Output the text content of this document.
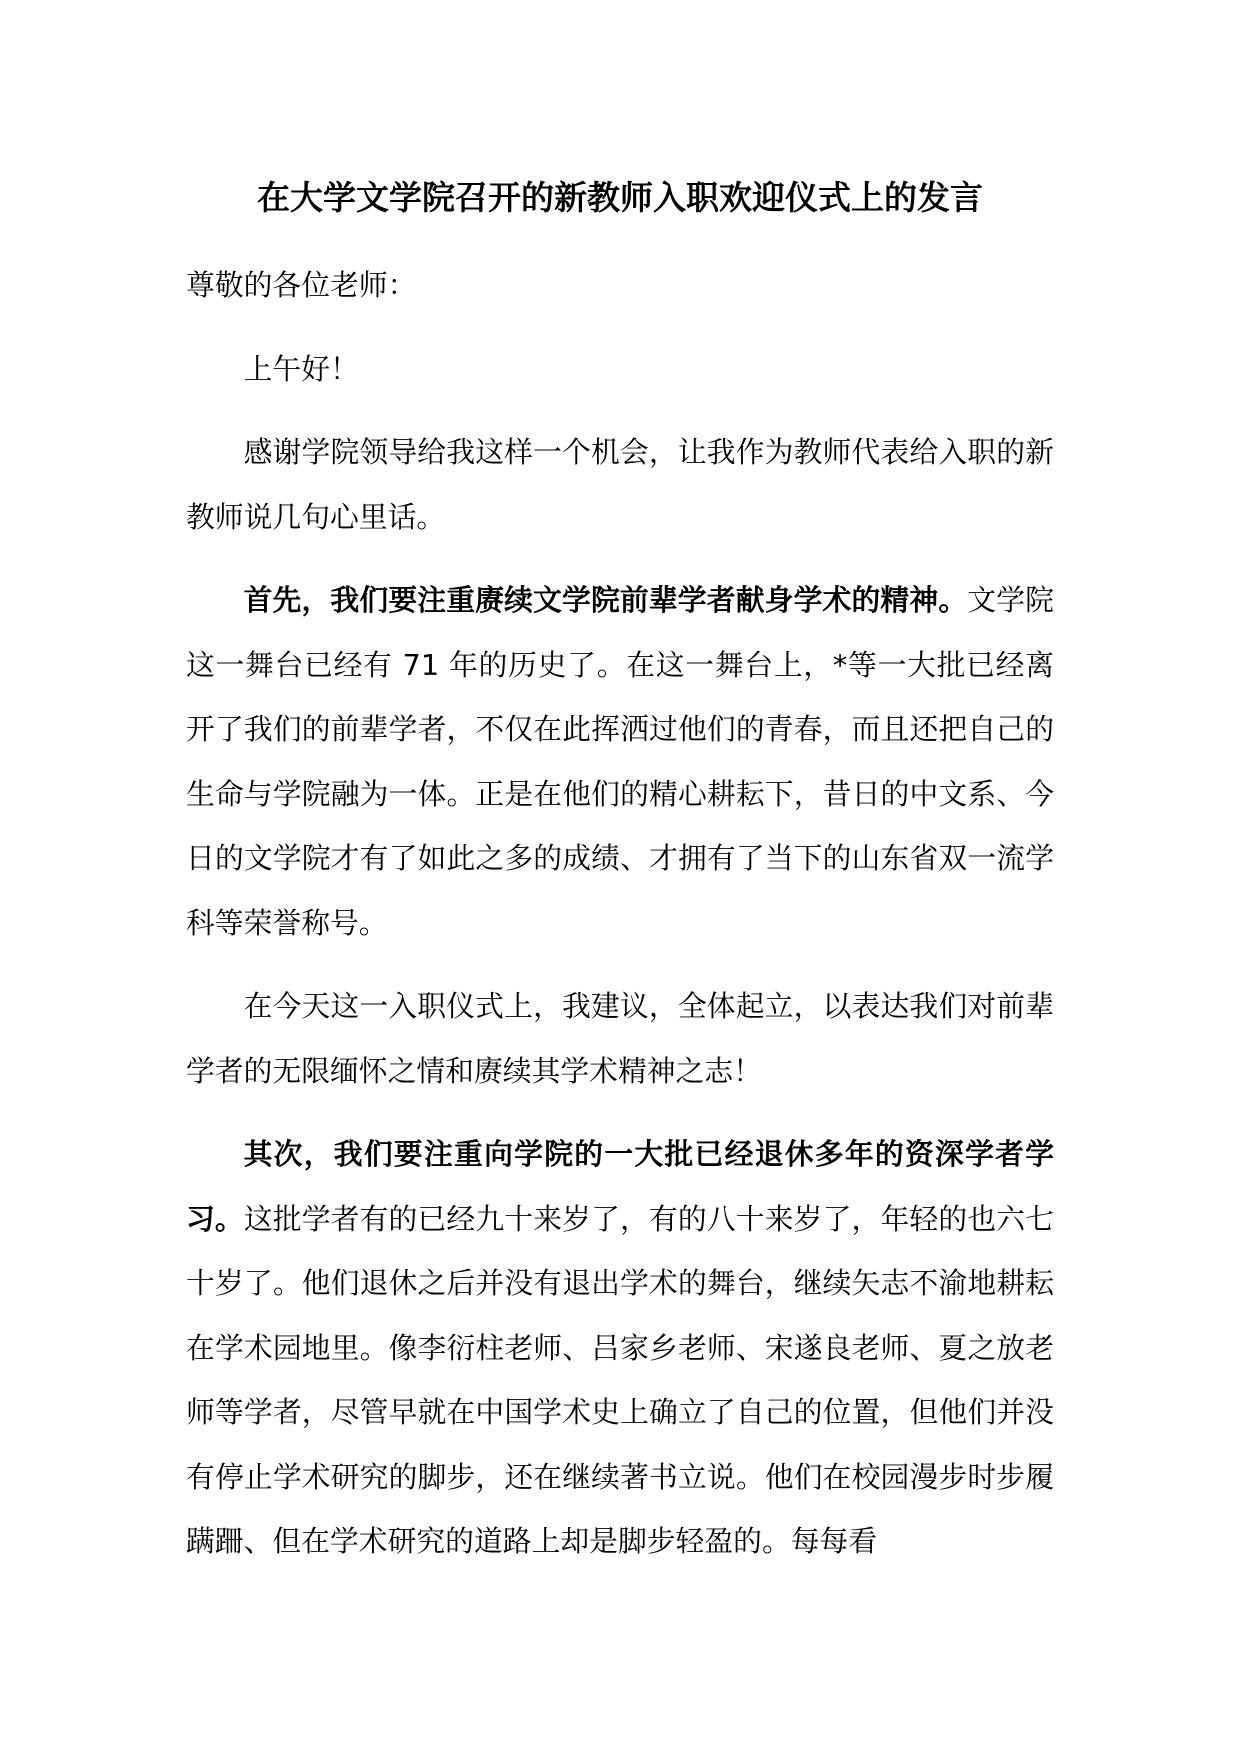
在大学文学院召开的新教师入职欢迎仪式上的发言

尊敬的各位老师：

上午好！

感谢学院领导给我这样一个机会，让我作为教师代表给入职的新教师说几句心里话。

首先，我们要注重赓续文学院前辈学者献身学术的精神。文学院这一舞台已经有 71 年的历史了。在这一舞台上，*等一大批已经离开了我们的前辈学者，不仅在此挥洒过他们的青春，而且还把自己的生命与学院融为一体。正是在他们的精心耕耘下，昔日的中文系、今日的文学院才有了如此之多的成绩、才拥有了当下的山东省双一流学科等荣誉称号。

在今天这一入职仪式上，我建议，全体起立，以表达我们对前辈学者的无限缅怀之情和赓续其学术精神之志！

其次，我们要注重向学院的一大批已经退休多年的资深学者学习。这批学者有的已经九十来岁了，有的八十来岁了，年轻的也六七十岁了。他们退休之后并没有退出学术的舞台，继续矢志不渝地耕耘在学术园地里。像李衍柱老师、吕家乡老师、宋遂良老师、夏之放老师等学者，尽管早就在中国学术史上确立了自己的位置，但他们并没有停止学术研究的脚步，还在继续著书立说。他们在校园漫步时步履蹒跚、但在学术研究的道路上却是脚步轻盈的。每每看
